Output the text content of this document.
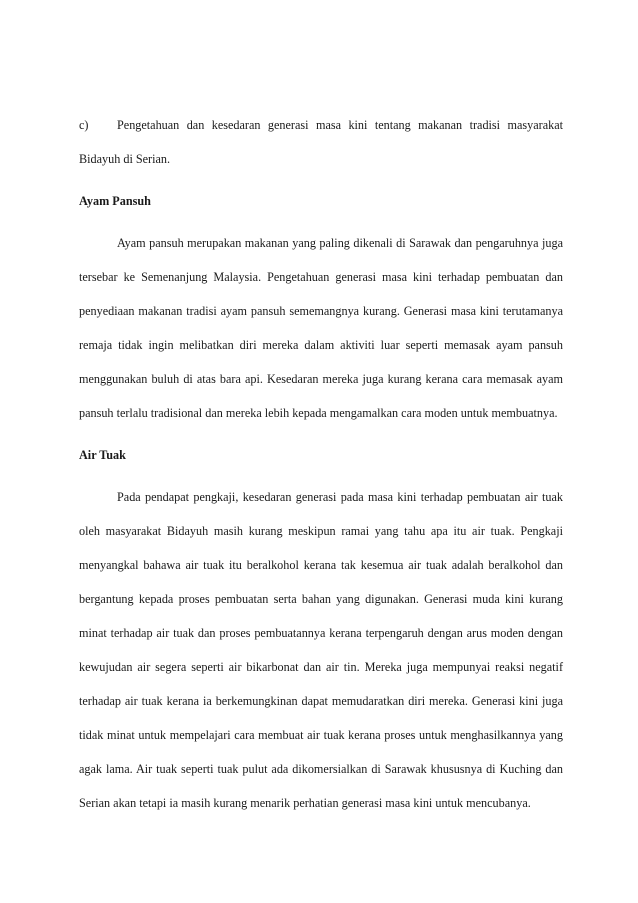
c)	Pengetahuan dan kesedaran generasi masa kini tentang makanan tradisi masyarakat

Bidayuh di Serian.

Ayam Pansuh

Ayam pansuh merupakan makanan yang paling dikenali di Sarawak dan pengaruhnya juga tersebar ke Semenanjung Malaysia. Pengetahuan generasi masa kini terhadap pembuatan dan penyediaan makanan tradisi ayam pansuh sememangnya kurang. Generasi masa kini terutamanya remaja tidak ingin melibatkan diri mereka dalam aktiviti luar seperti memasak ayam pansuh menggunakan buluh di atas bara api. Kesedaran mereka juga kurang kerana cara memasak ayam pansuh terlalu tradisional dan mereka lebih kepada mengamalkan cara moden untuk membuatnya.

Air Tuak

Pada pendapat pengkaji, kesedaran generasi pada masa kini terhadap pembuatan air tuak oleh masyarakat Bidayuh masih kurang meskipun ramai yang tahu apa itu air tuak. Pengkaji menyangkal bahawa air tuak itu beralkohol kerana tak kesemua air tuak adalah beralkohol dan bergantung kepada proses pembuatan serta bahan yang digunakan. Generasi muda kini kurang minat terhadap air tuak dan proses pembuatannya kerana terpengaruh dengan arus moden dengan kewujudan air segera seperti air bikarbonat dan air tin. Mereka juga mempunyai reaksi negatif terhadap air tuak kerana ia berkemungkinan dapat memudaratkan diri mereka. Generasi kini juga tidak minat untuk mempelajari cara membuat air tuak kerana proses untuk menghasilkannya yang agak lama. Air tuak seperti tuak pulut ada dikomersialkan di Sarawak khususnya di Kuching dan Serian akan tetapi ia masih kurang menarik perhatian generasi masa kini untuk mencubanya.
